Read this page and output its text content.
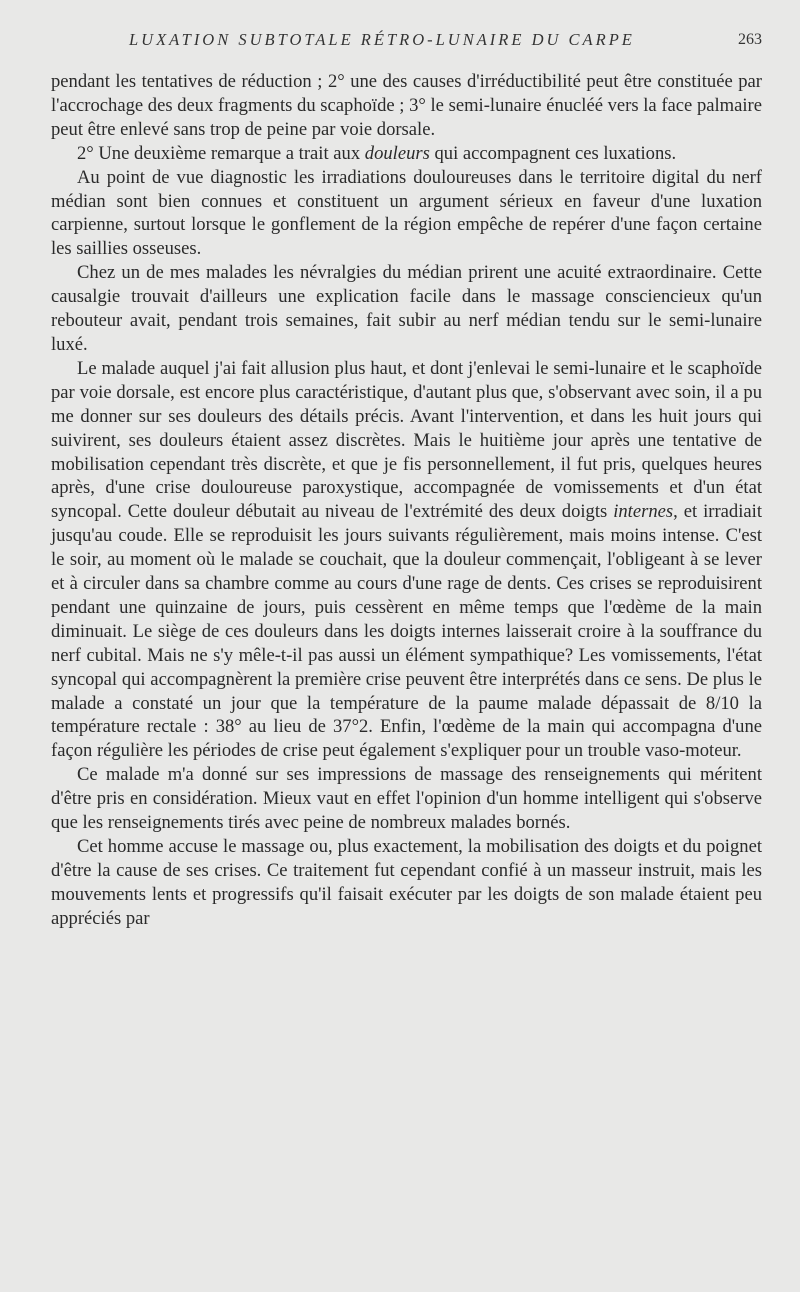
LUXATION SUBTOTALE RÉTRO-LUNAIRE DU CARPE	263

pendant les tentatives de réduction ; 2° une des causes d'irréductibilité peut être constituée par l'accrochage des deux fragments du scaphoïde ; 3° le semi-lunaire énucléé vers la face palmaire peut être enlevé sans trop de peine par voie dorsale.

2° Une deuxième remarque a trait aux douleurs qui accompagnent ces luxations.

Au point de vue diagnostic les irradiations douloureuses dans le territoire digital du nerf médian sont bien connues et constituent un argument sérieux en faveur d'une luxation carpienne, surtout lorsque le gonflement de la région empêche de repérer d'une façon certaine les saillies osseuses.

Chez un de mes malades les névralgies du médian prirent une acuité extraordinaire. Cette causalgie trouvait d'ailleurs une explication facile dans le massage consciencieux qu'un rebouteur avait, pendant trois semaines, fait subir au nerf médian tendu sur le semi-lunaire luxé.

Le malade auquel j'ai fait allusion plus haut, et dont j'enlevai le semi-lunaire et le scaphoïde par voie dorsale, est encore plus caractéristique, d'autant plus que, s'observant avec soin, il a pu me donner sur ses douleurs des détails précis. Avant l'intervention, et dans les huit jours qui suivirent, ses douleurs étaient assez discrètes. Mais le huitième jour après une tentative de mobilisation cependant très discrète, et que je fis personnellement, il fut pris, quelques heures après, d'une crise douloureuse paroxystique, accompagnée de vomissements et d'un état syncopal. Cette douleur débutait au niveau de l'extrémité des deux doigts internes, et irradiait jusqu'au coude. Elle se reproduisit les jours suivants régulièrement, mais moins intense. C'est le soir, au moment où le malade se couchait, que la douleur commençait, l'obligeant à se lever et à circuler dans sa chambre comme au cours d'une rage de dents. Ces crises se reproduisirent pendant une quinzaine de jours, puis cessèrent en même temps que l'œdème de la main diminuait. Le siège de ces douleurs dans les doigts internes laisserait croire à la souffrance du nerf cubital. Mais ne s'y mêle-t-il pas aussi un élément sympathique? Les vomissements, l'état syncopal qui accompagnèrent la première crise peuvent être interprétés dans ce sens. De plus le malade a constaté un jour que la température de la paume malade dépassait de 8/10 la température rectale : 38° au lieu de 37°2. Enfin, l'œdème de la main qui accompagna d'une façon régulière les périodes de crise peut également s'expliquer pour un trouble vaso-moteur.

Ce malade m'a donné sur ses impressions de massage des renseignements qui méritent d'être pris en considération. Mieux vaut en effet l'opinion d'un homme intelligent qui s'observe que les renseignements tirés avec peine de nombreux malades bornés.

Cet homme accuse le massage ou, plus exactement, la mobilisation des doigts et du poignet d'être la cause de ses crises. Ce traitement fut cependant confié à un masseur instruit, mais les mouvements lents et progressifs qu'il faisait exécuter par les doigts de son malade étaient peu appréciés par
